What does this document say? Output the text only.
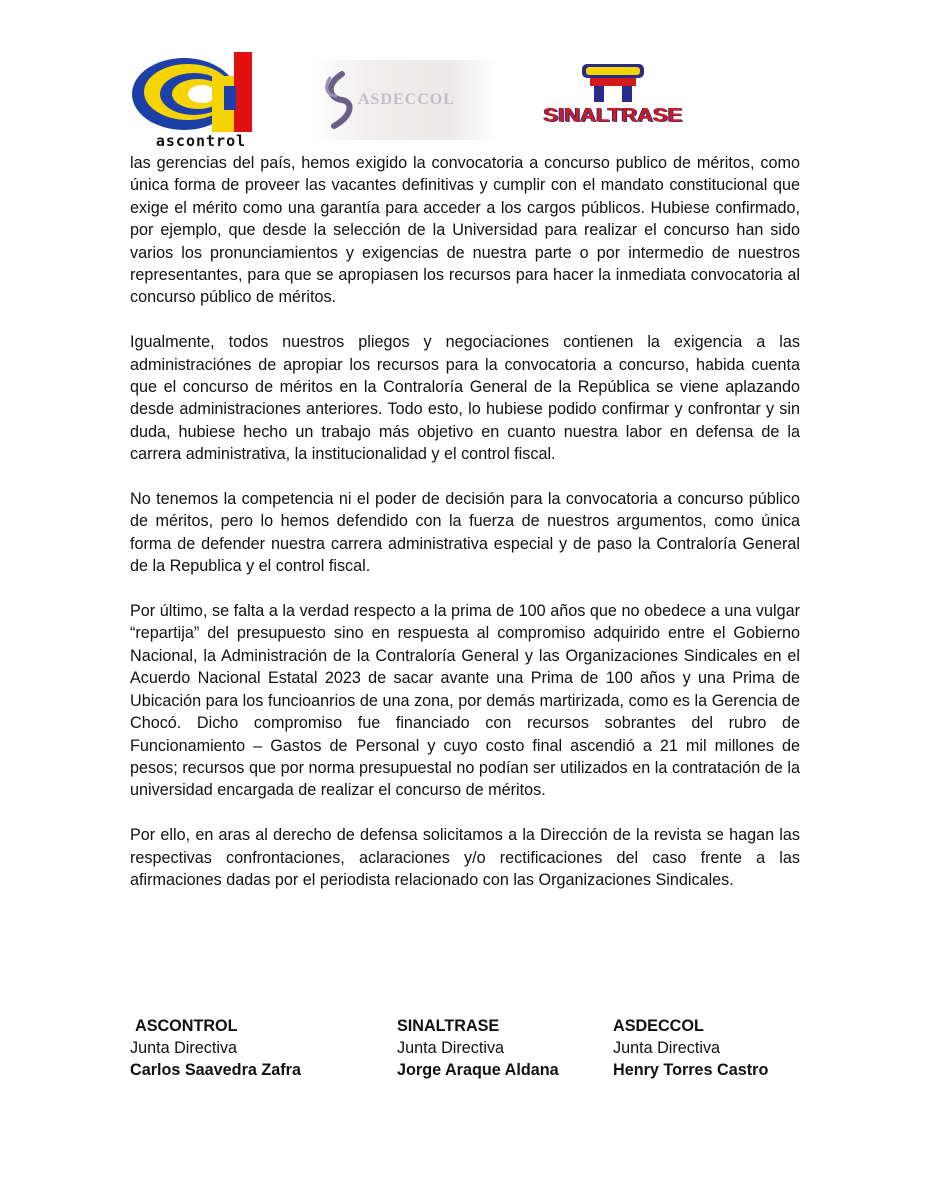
ascontrol
ASDECCOL
SINALTRASE

las gerencias del país, hemos exigido la convocatoria a concurso publico de méritos, como única forma de proveer las vacantes definitivas y cumplir con el mandato constitucional que exige el mérito como una garantía para acceder a los cargos públicos. Hubiese confirmado, por ejemplo, que desde la selección de la Universidad para realizar el concurso han sido varios los pronunciamientos y exigencias de nuestra parte o por intermedio de nuestros representantes, para que se apropiasen los recursos para hacer la inmediata convocatoria al concurso público de méritos.

Igualmente, todos nuestros pliegos y negociaciones contienen la exigencia a las administraciónes de apropiar los recursos para la convocatoria a concurso, habida cuenta que el concurso de méritos en la Contraloría General de la República se viene aplazando desde administraciones anteriores. Todo esto, lo hubiese podido confirmar y confrontar y sin duda, hubiese hecho un trabajo más objetivo en cuanto nuestra labor en defensa de la carrera administrativa, la institucionalidad y el control fiscal.

No tenemos la competencia ni el poder de decisión para la convocatoria a concurso público de méritos, pero lo hemos defendido con la fuerza de nuestros argumentos, como única forma de defender nuestra carrera administrativa especial y de paso la Contraloría General de la Republica y el control fiscal.

Por último, se falta a la verdad respecto a la prima de 100 años que no obedece a una vulgar “repartija” del presupuesto sino en respuesta al compromiso adquirido entre el Gobierno Nacional, la Administración de la Contraloría General y las Organizaciones Sindicales en el Acuerdo Nacional Estatal 2023 de sacar avante una Prima de 100 años y una Prima de Ubicación para los funcioanrios de una zona, por demás martirizada, como es la Gerencia de Chocó. Dicho compromiso fue financiado con recursos sobrantes del rubro de Funcionamiento – Gastos de Personal y cuyo costo final ascendió a 21 mil millones de pesos; recursos que por norma presupuestal no podían ser utilizados en la contratación de la universidad encargada de realizar el concurso de méritos.

Por ello, en aras al derecho de defensa solicitamos a la Dirección de la revista se hagan las respectivas confrontaciones, aclaraciones y/o rectificaciones del caso frente a las afirmaciones dadas por el periodista relacionado con las Organizaciones Sindicales.

ASCONTROL
Junta Directiva
Carlos Saavedra Zafra
SINALTRASE
Junta Directiva
Jorge Araque Aldana
ASDECCOL
Junta Directiva
Henry Torres Castro
